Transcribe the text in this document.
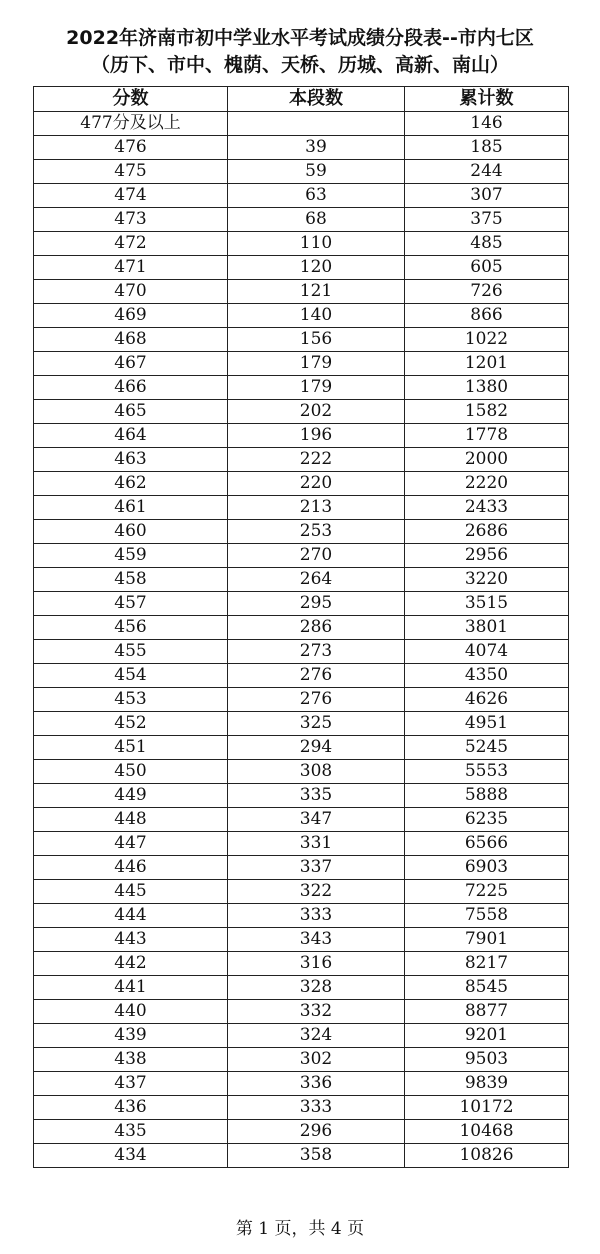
2022年济南市初中学业水平考试成绩分段表--市内七区
（历下、市中、槐荫、天桥、历城、高新、南山）
分数	本段数	累计数
477分及以上		146
476	39	185
475	59	244
474	63	307
473	68	375
472	110	485
471	120	605
470	121	726
469	140	866
468	156	1022
467	179	1201
466	179	1380
465	202	1582
464	196	1778
463	222	2000
462	220	2220
461	213	2433
460	253	2686
459	270	2956
458	264	3220
457	295	3515
456	286	3801
455	273	4074
454	276	4350
453	276	4626
452	325	4951
451	294	5245
450	308	5553
449	335	5888
448	347	6235
447	331	6566
446	337	6903
445	322	7225
444	333	7558
443	343	7901
442	316	8217
441	328	8545
440	332	8877
439	324	9201
438	302	9503
437	336	9839
436	333	10172
435	296	10468
434	358	10826
第 1 页，共 4 页
